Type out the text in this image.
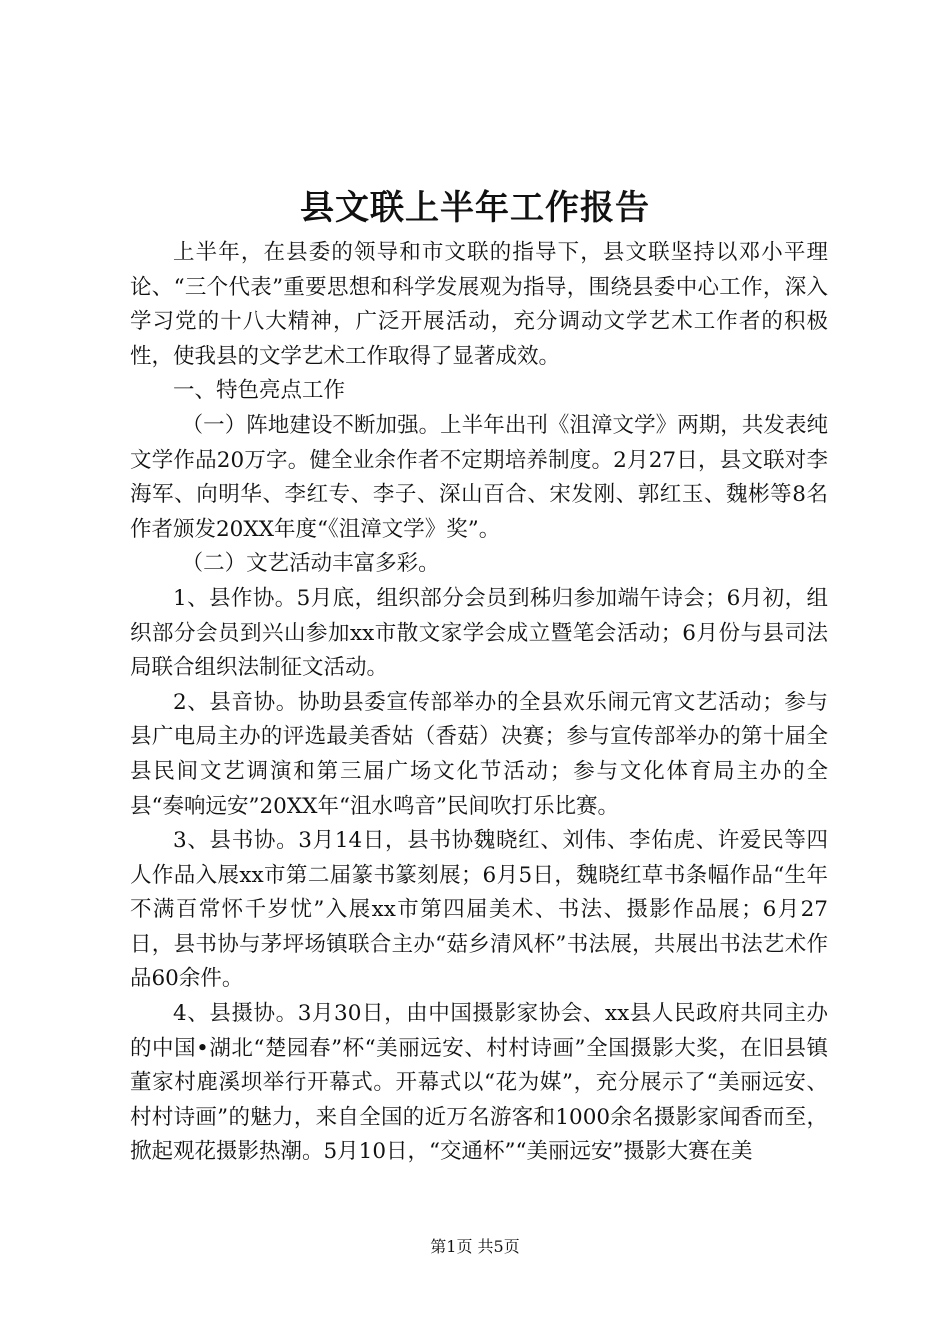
县文联上半年工作报告

上半年，在县委的领导和市文联的指导下，县文联坚持以邓小平理论、“三个代表”重要思想和科学发展观为指导，围绕县委中心工作，深入学习党的十八大精神，广泛开展活动，充分调动文学艺术工作者的积极性，使我县的文学艺术工作取得了显著成效。

一、特色亮点工作

（一）阵地建设不断加强。上半年出刊《沮漳文学》两期，共发表纯文学作品20万字。健全业余作者不定期培养制度。2月27日，县文联对李海军、向明华、李红专、李子、深山百合、宋发刚、郭红玉、魏彬等8名作者颁发20XX年度“《沮漳文学》奖”。

（二）文艺活动丰富多彩。

1、县作协。5月底，组织部分会员到秭归参加端午诗会；6月初，组织部分会员到兴山参加xx市散文家学会成立暨笔会活动；6月份与县司法局联合组织法制征文活动。

2、县音协。协助县委宣传部举办的全县欢乐闹元宵文艺活动；参与县广电局主办的评选最美香姑（香菇）决赛；参与宣传部举办的第十届全县民间文艺调演和第三届广场文化节活动；参与文化体育局主办的全县“奏响远安”20XX年“沮水鸣音”民间吹打乐比赛。

3、县书协。3月14日，县书协魏晓红、刘伟、李佑虎、许爱民等四人作品入展xx市第二届篆书篆刻展；6月5日，魏晓红草书条幅作品“生年不满百常怀千岁忧”入展xx市第四届美术、书法、摄影作品展；6月27日，县书协与茅坪场镇联合主办“菇乡清风杯”书法展，共展出书法艺术作品60余件。

4、县摄协。3月30日，由中国摄影家协会、xx县人民政府共同主办的中国•湖北“楚园春”杯“美丽远安、村村诗画”全国摄影大奖，在旧县镇董家村鹿溪坝举行开幕式。开幕式以“花为媒”，充分展示了“美丽远安、村村诗画”的魅力，来自全国的近万名游客和1000余名摄影家闻香而至，掀起观花摄影热潮。5月10日，“交通杯”“美丽远安”摄影大赛在美

第1页 共5页
